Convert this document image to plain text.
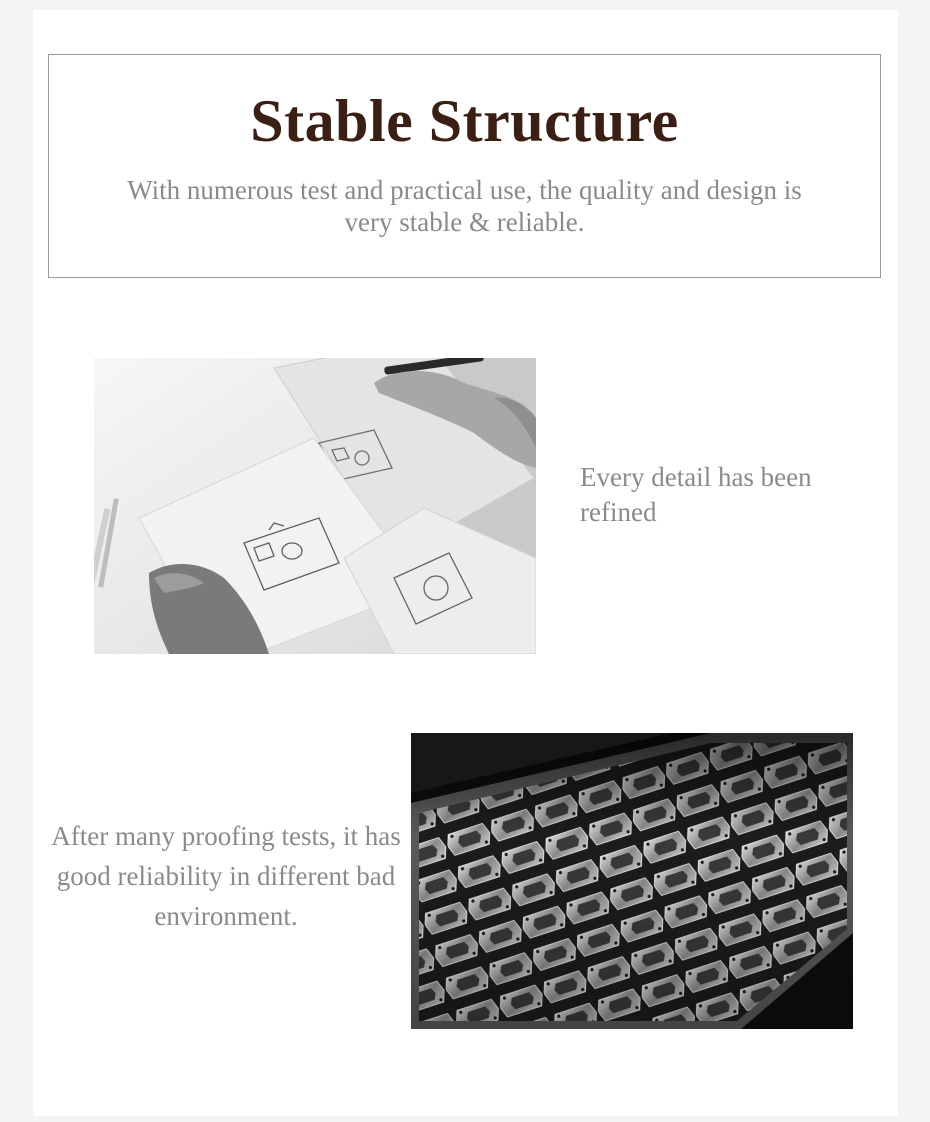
Stable Structure

With numerous test and practical use, the quality and design is very stable & reliable.

Every detail has been refined

After many proofing tests, it has good reliability in different bad environment.
